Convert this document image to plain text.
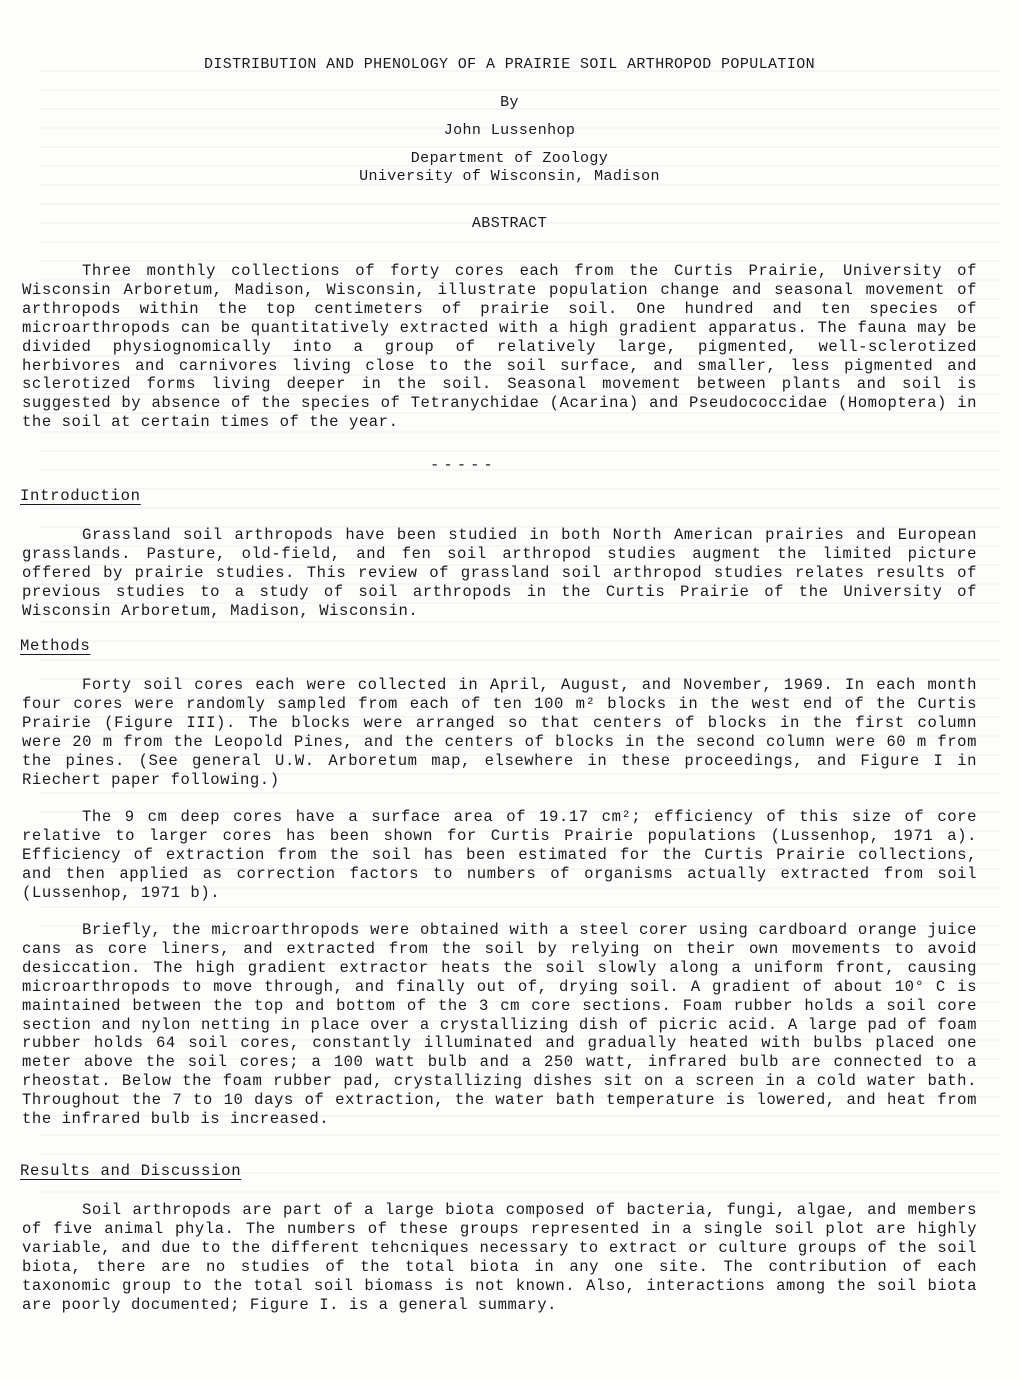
DISTRIBUTION AND PHENOLOGY OF A PRAIRIE SOIL ARTHROPOD POPULATION
By
John Lussenhop
Department of Zoology
University of Wisconsin, Madison
ABSTRACT
Three monthly collections of forty cores each from the Curtis Prairie, University of Wisconsin Arboretum, Madison, Wisconsin, illustrate population change and seasonal movement of arthropods within the top centimeters of prairie soil. One hundred and ten species of microarthropods can be quantitatively extracted with a high gradient apparatus. The fauna may be divided physiognomically into a group of relatively large, pigmented, well-sclerotized herbivores and carnivores living close to the soil surface, and smaller, less pigmented and sclerotized forms living deeper in the soil. Seasonal movement between plants and soil is suggested by absence of the species of Tetranychidae (Acarina) and Pseudococcidae (Homoptera) in the soil at certain times of the year.
-----
Introduction
Grassland soil arthropods have been studied in both North American prairies and European grasslands. Pasture, old-field, and fen soil arthropod studies augment the limited picture offered by prairie studies. This review of grassland soil arthropod studies relates results of previous studies to a study of soil arthropods in the Curtis Prairie of the University of Wisconsin Arboretum, Madison, Wisconsin.
Methods
Forty soil cores each were collected in April, August, and November, 1969. In each month four cores were randomly sampled from each of ten 100 m² blocks in the west end of the Curtis Prairie (Figure III). The blocks were arranged so that centers of blocks in the first column were 20 m from the Leopold Pines, and the centers of blocks in the second column were 60 m from the pines. (See general U.W. Arboretum map, elsewhere in these proceedings, and Figure I in Riechert paper following.)
The 9 cm deep cores have a surface area of 19.17 cm²; efficiency of this size of core relative to larger cores has been shown for Curtis Prairie populations (Lussenhop, 1971 a). Efficiency of extraction from the soil has been estimated for the Curtis Prairie collections, and then applied as correction factors to numbers of organisms actually extracted from soil (Lussenhop, 1971 b).
Briefly, the microarthropods were obtained with a steel corer using cardboard orange juice cans as core liners, and extracted from the soil by relying on their own movements to avoid desiccation. The high gradient extractor heats the soil slowly along a uniform front, causing microarthropods to move through, and finally out of, drying soil. A gradient of about 10° C is maintained between the top and bottom of the 3 cm core sections. Foam rubber holds a soil core section and nylon netting in place over a crystallizing dish of picric acid. A large pad of foam rubber holds 64 soil cores, constantly illuminated and gradually heated with bulbs placed one meter above the soil cores; a 100 watt bulb and a 250 watt, infrared bulb are connected to a rheostat. Below the foam rubber pad, crystallizing dishes sit on a screen in a cold water bath. Throughout the 7 to 10 days of extraction, the water bath temperature is lowered, and heat from the infrared bulb is increased.
Results and Discussion
Soil arthropods are part of a large biota composed of bacteria, fungi, algae, and members of five animal phyla. The numbers of these groups represented in a single soil plot are highly variable, and due to the different tehcniques necessary to extract or culture groups of the soil biota, there are no studies of the total biota in any one site. The contribution of each taxonomic group to the total soil biomass is not known. Also, interactions among the soil biota are poorly documented; Figure I. is a general summary.
